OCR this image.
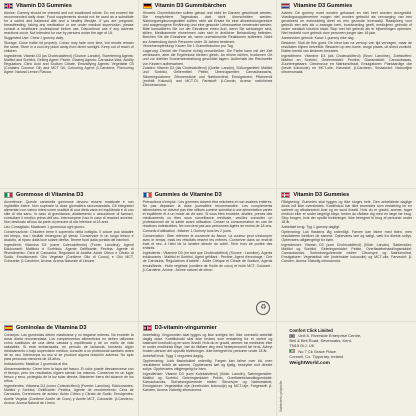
Vitamin D3 Gummies

Advice: Gummy should be chewed and not swallowed whole. Do not exceed the recommended daily dose. Food supplements should not be used as a substitute for a varied and balanced diet and a healthy lifestyle. If you are pregnant, breastfeeding, taking any medication or are under medical supervision, please consult a healthcare professional before use. Discontinue use if any adverse reactions occur. Not intended for use by persons under the age of 18.

Suggested Use: Chew 1 gummy daily.

Storage: Close bottle lid properly. Colour may fade over time, but results remain the same. Store in a cool dry place away from direct sunlight. Keep out of reach of children.

Ingredients: Vitamin D3 (as Cholecalciferol) (Source: Lanolin), Sweetening Agents: Maltitol and Sorbitol, Gelling Agent: Pectin, Glazing Agents: Carnauba Wax, Acidity Regulators: Citric Acid and Sodium Citrate, Emulsifying Agents: Vegetable Oil (Contains Coconut Oil) and MCT Oil, Colouring Agent: β-Carotene, Flavouring Agent: Natural Lemon Flavour.

Vitamin D3 Gummibärchen

Hinweis: Gummibärchen sollten gekaut und nicht im Ganzen geschluckt werden. Die empfohlene Tagesdosis darf nicht überschritten werden. Nahrungsergänzungsmittel sollten nicht als Ersatz für eine abwechslungsreiche und ausgewogene Ernährung und eine gesunde Lebensweise verwendet werden. Bitte konsultieren Sie vor der Einnahme einen Arzt, wenn Sie schwanger sind, stillen, Medikamente einnehmen oder sich in ärztlicher Behandlung befinden. Brechen Sie die Einnahme ab, wenn unerwünschte Reaktionen auftreten. Nicht zur Anwendung durch Personen unter 18 Jahren bestimmt.

Verzehrempfehlung: Kauen Sie 1 Gummibärchen pro Tag.

Lagerung: Deckel der Flasche richtig verschließen. Die Farbe kann mit der Zeit verblassen, aber die Ergebnisse bleiben gleich. An einem kühlen, trockenen Ort und vor direkter Sonneneinstrahlung geschützt lagern. Außerhalb der Reichweite von Kindern aufbewahren.

Zutaten: Vitamin D3 (als Cholecalciferol) (Quelle: Lanolin), Süßungsmittel: Maltitol und Sorbitol, Geliermittel: Pektin, Überzugsmittel: Carnaubawachs, Säureregulatoren: Zitronensäure und Natriumcitrat, Emulgatoren: Pflanzenöl (enthält Kokosöl) und MCT-Öl, Farbstoff: β-Carotin, Aroma: natürliches Zitronenaroma.

Vitamine D3 Gummies

Advies: De gummy moet worden gekauwd en niet heel worden doorgeslikt. Voedingssupplementen mogen niet worden gebruikt als vervanging van een gevarieerd en evenwichtig dieet en een gezonde levensstijl. Raadpleeg voor gebruik een arts als u zwanger bent, borstvoeding geeft, medicijnen gebruikt of onder medisch toezicht staat. Stop met het gebruik als er bijwerkingen optreden. Niet bedoeld voor gebruik door personen jonger dan 18 jaar.

Aanbevolen gebruik: Kauw 1 gummy elke dag.

Bewaren: Sluit de fles goed. De kleur kan na verloop van tijd vervagen, maar de resultaten blijven hetzelfde. Bewaren op een koele, droge plaats, uit direct zonlicht. Buiten bereik van kinderen bewaren.

Ingrediënten: Vitamine D3 (als Cholecalciferol) (Bron: Lanoline), Zoetstoffen: Maltitol en Sorbitol, Geleermiddel: Pectine, Glansmiddel: Carnaubawas, Zuurteregelaars: Citroenzuur en Natriumcitraat, Emulgatoren: Plantaardige olie (bevat kokosolie) en MCT-olie, Kleurstof: β-Caroteen, Smaakstof: Natuurlijke citroensmaak.

Gommose di Vitamina D3

Avvertenze: Queste caramelle gommose devono essere masticate e non inghiottite intere. Non superare la dose giornaliera raccomandata. Gli integratori alimentari non vanno intesi come sostituti di una dieta varia ed equilibrata e di uno stile di vita sano. In caso di gravidanza, allattamento o assunzione di farmaci, consultare il medico prima dell'uso. Interrompere l'uso in caso di reazioni avverse. Non destinato all'uso da parte di persone di età inferiore ai 18 anni.

Uso Consigliato: Masticare 1 gommosa ogni giorno.

Conservazione: Chiudere bene il coperchio della bottiglia. Il colore può sbiadire nel tempo, ma i risultati rimangono gli stessi. Conservare in un luogo fresco e asciutto, al riparo dalla luce solare diretta. Tenere fuori dalla portata dei bambini.

Ingredienti: Vitamina D3 (come Colecalciferolo) (Fonte: Lanolina), Agenti Edulcoranti: Maltitolo e Sorbitolo, Agente Gelificante: Pectina, Agente di Rivestimento: Cera di Carnauba, Regolatori di Acidità: Acido Citrico e Citrato di Sodio, Emulsionanti: Olio Vegetale (Contiene Olio di Cocco) e Olio MCT, Colorante: β-Carotene, Aroma: Aroma Naturale di Limone.

Gummies de Vitamine D3

Précautions d'emploi : Les gommes doivent être mâchées et non avalées entières. Ne pas dépasser la dose journalière recommandée. Les compléments alimentaires ne doivent pas être utilisés comme substitut à une alimentation variée et équilibrée et à un mode de vie sain. Si vous êtes enceinte, allaitez, prenez des médicaments ou êtes sous surveillance médicale, veuillez consulter un professionnel de la santé avant utilisation. Cesser la consommation en cas de réactions indésirables. Ne convient pas aux personnes âgées de moins de 18 ans.

Conseils d'utilisation : Mâcher 1 Gummy tous les 2 jours.

Conservation : Bien refermer le couvercle du flacon. La couleur peut s'estomper avec le temps, mais les résultats restent les mêmes. Conserver dans un endroit frais et sec, à l'abri de la lumière directe du soleil. Tenir hors de portée des enfants.

Ingrédients : Vitamine D3 (en tant que Cholécalciférol) (Source : Lanoline), Agents édulcorants : Maltitol et Sorbitol, Agent gélifiant : Pectine, Agent d'enrobage : Cire de Carnauba, Régulateurs d'acidité : Acide Citrique et Citrate de Sodium, Agents émulsifiants : Huile végétale (contient de l'huile de coco) et huile MCT, Colorant : β-Carotène, Arôme : Arôme naturel de citron.

♻
Vitamin D3 Gummies

Rådgivning: Gummies skal tygges og ikke sluges hele. Den anbefalede daglige dosis må ikke overskrides. Kosttilskud bør ikke anvendes som erstatning for en varieret og afbalanceret kost og en sund livsstil. Hvis du er gravid, ammer, tager medicin eller er under lægeligt tilsyn, bedes du rådføre dig med en læge før brug. Stop brugen, hvis der opstår bivirkninger. Ikke beregnet til brug af personer under 18 år.

Anbefalet brug: Tyg 1 gummy dagligt.

Opbevaring: Luk flaskens låg ordentligt. Farven kan falme med tiden, men resultaterne forbliver de samme. Opbevares tørt og køligt, væk fra direkte sollys. Opbevares utilgængeligt for børn.

Ingredienser: Vitamin D3 (som Cholecalciferol) (Kilde: Lanolin), Sødemidler: Maltitol og Sorbitol, Geleringsmiddel: Pektin, Overfladebehandlingsmiddel: Carnaubavoks, Surhedsregulerende midler: Citronsyre og Natriumcitrat, Emulgatorer: Vegetabilsk olie (indeholder kokosolie) og MCT-olie, Farvestof: β-Caroten, Aroma: Naturlig citronaroma.

Gominolas de Vitamina D3

Consejos: Las gominolas deben masticarse y no tragarse enteras. No exceder la dosis diaria recomendada. Los complementos alimenticios no deben utilizarse como sustitutos de una dieta variada y equilibrada y de un estilo de vida saludable. Si está embarazada, en período de lactancia, tomando algún medicamento o bajo supervisión médica, consulte a un profesional sanitario antes de su uso. Interrumpa su uso si se produce alguna reacción adversa. No apto para personas menores de 18 años.

Indicaciones: Masticar 1 gominola al día.

Almacenamiento: Cierre bien la tapa del frasco. El color puede desvanecerse con el tiempo, pero los resultados siguen siendo los mismos. Conservar en un lugar fresco y seco, protegido de la luz solar directa. Mantener fuera del alcance de los niños.

Ingredientes: Vitamina D3 (como Colecalciferol) (Fuente: Lanolina), Edulcorantes: Maltitol y Sorbitol, Gelificante: Pectina, Agente de recubrimiento: Cera de Carnauba, Correctores de acidez: Ácido Cítrico y Citrato de Sodio, Emulgentes: Aceite Vegetal (Contiene Aceite de Coco) y Aceite MCT, Colorante: β-Caroteno, Aroma: Aroma Natural de Limón.

D3-vitamin-vingummier

Anbefaling: Vingummien skal tygges og ikke svelges hel. Ikke overskrid anbefalt daglig dose. Kosttilskudd skal ikke brukes som erstatning for et variert og balansert kosthold og en sunn livsstil. Hvis du er gravid, ammer, tar medisiner eller er under medisinsk tilsyn, bør du rådføre deg med helsepersonell før bruk. Avbryt bruken dersom det oppstår bivirkninger. Ikke beregnet for personer under 18 år.

Anbefalt bruk: Tygg 1 vingummi daglig.

Oppbevaring: Lukk flaskelokket ordentlig. Fargen kan falme over tid, men resultatene forblir de samme. Oppbevares tørt og kjølig, beskyttet mot direkte sollys. Oppbevares utilgjengelig for barn.

Ingredienser: Vitamin D3 (som Kolekalsiferol) (Kilde: Lanolin), Søtningsmidler: Maltitol og Sorbitol, Geleringsmiddel: Pektin, Overflatebehandlingsmiddel: Karnaubavoks, Surhetsregulerende midler: Sitronsyre og Natriumsitrat, Emulgatorer: Vegetabilsk olje (inneholder kokosolje) og MCT-olje, Fargestoff: β-Karoten, Aroma: Naturlig sitronaroma.	Valmistettu yrityksille
Comfort Click Limited
Unit 8, Riverside Enterprise Centre,
Bell & Bell Road, Sevenoaks, Kent,
TN15 0LJ, UK
No 7 Ck Grace Place
Connell, Co. Tipperary, Ireland
WeightWorld.com
